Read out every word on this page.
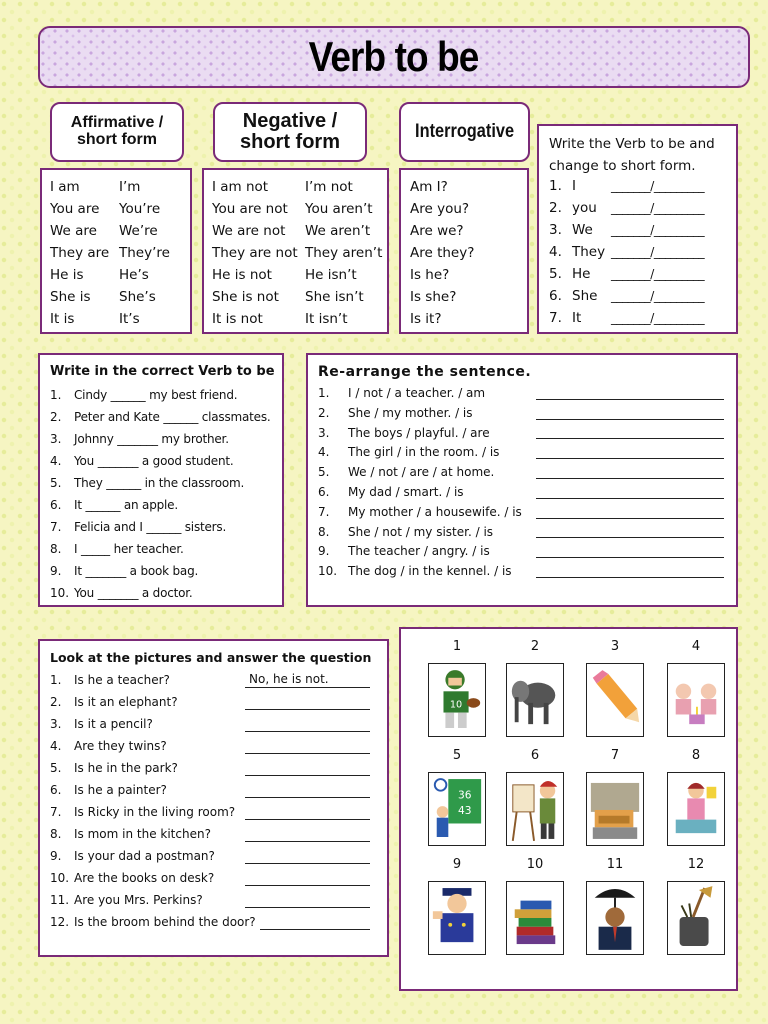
Verb to be
Affirmative / short form
Negative / short form	Interrogative
I am	I’m
You are You’re
We are We’re
They are They’re
He is	He’s
She is She’s
It is	It’s
I am not	I’m not
You are not You aren’t
We are not We aren’t
They are not They aren’t
He is not He isn’t
She is not She isn’t
It is not	It isn’t
Am I?
Are you?
Are we?
Are they?
Is he?
Is she?
Is it?
Write the Verb to be and change to short form.
1. I	_______/_________
2. you _______/_________
3. We _______/_________
4. They _______/_________
5. He _______/_________
6. She _______/_________
7. It _______/_________
Write in the correct Verb to be
1. Cindy ______ my best friend.
2. Peter and Kate ______ classmates.
3. Johnny _______ my brother.
4. You _______ a good student.
5. They ______ in the classroom.
6. It ______ an apple.
7. Felicia and I ______ sisters.
8. I _____ her teacher.
9. It _______ a book bag.
10. You _______ a doctor.
Re-arrange the sentence.
1. I / not / a teacher. / am
2. She / my mother. / is
3. The boys / playful. / are
4. The girl / in the room. / is
5. We / not / are / at home.
6. My dad / smart. / is
7. My mother / a housewife. / is
8. She / not / my sister. / is
9. The teacher / angry. / is
10. The dog / in the kennel. / is
Look at the pictures and answer the question
1. Is he a teacher?	No, he is not.
2. Is it an elephant?
3. Is it a pencil?
4. Are they twins?
5. Is he in the park?
6. Is he a painter?
7. Is Ricky in the living room?
8. Is mom in the kitchen?
9. Is your dad a postman?
10. Are the books on desk?
11. Are you Mrs. Perkins?
12. Is the broom behind the door?
1
10
2	3	4
5
36
43
6	7	8
9	10	11	12
